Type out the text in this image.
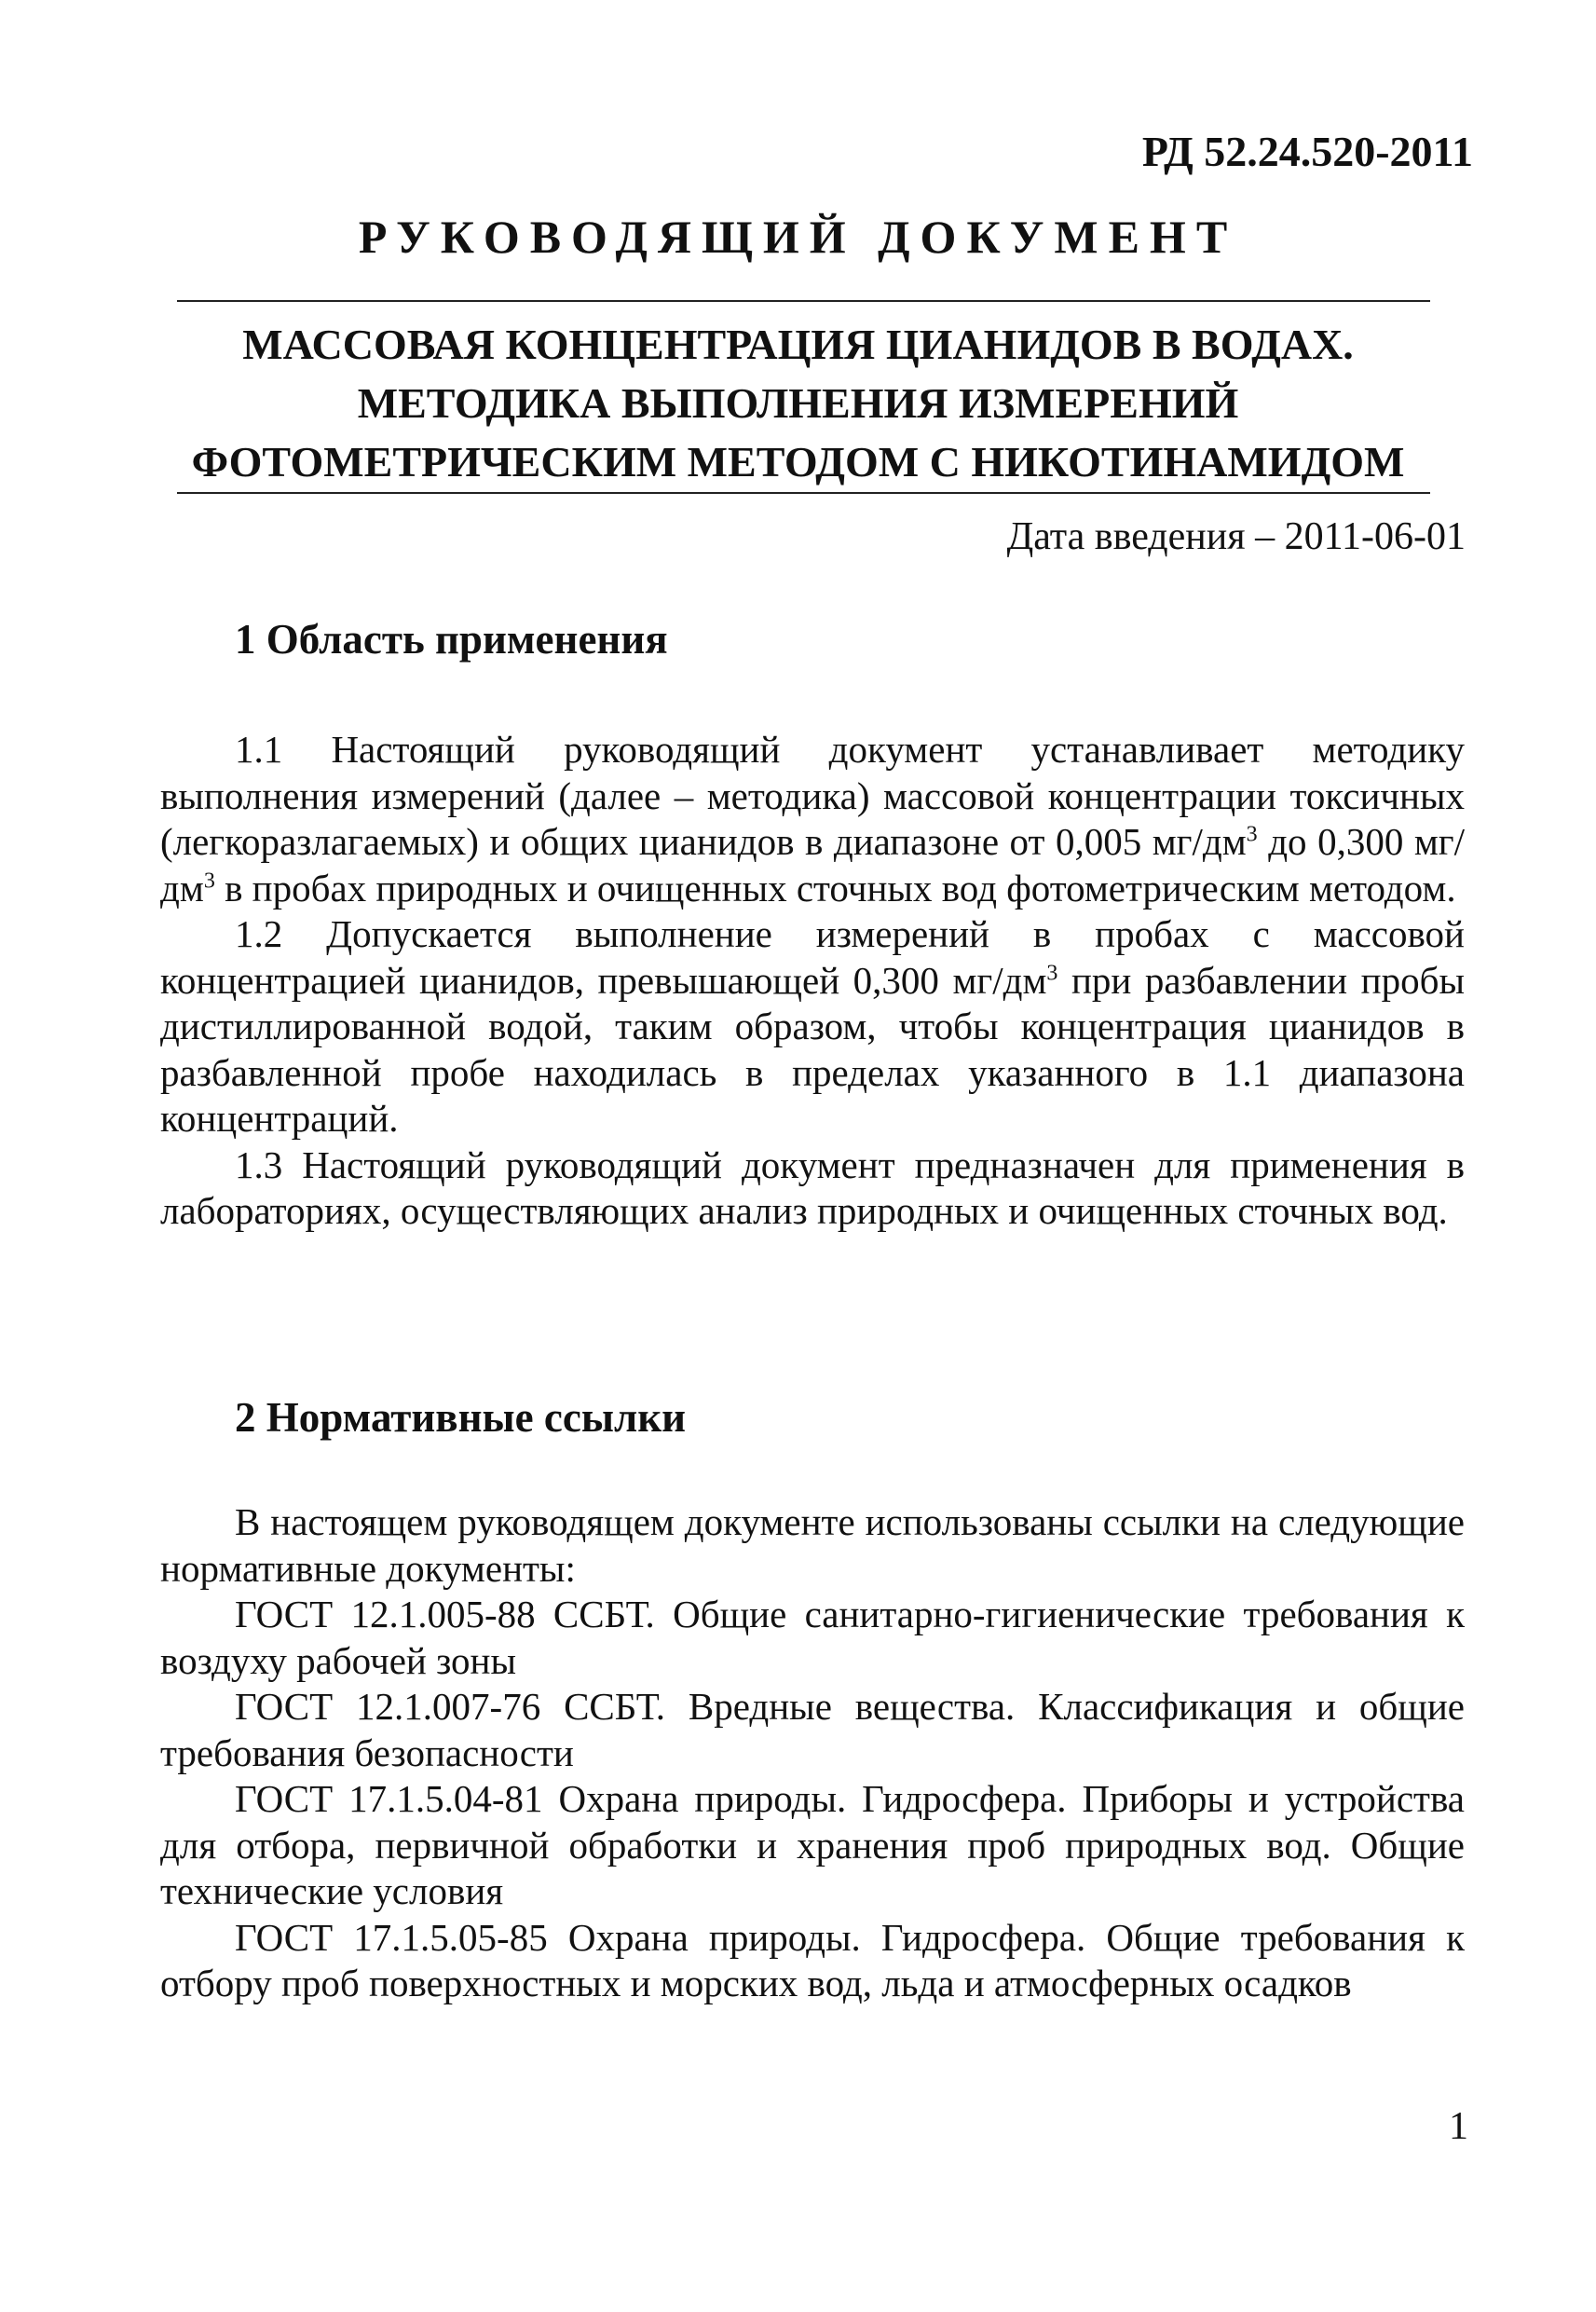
РД 52.24.520-2011
РУКОВОДЯЩИЙ ДОКУМЕНТ
МАССОВАЯ КОНЦЕНТРАЦИЯ ЦИАНИДОВ В ВОДАХ.
МЕТОДИКА ВЫПОЛНЕНИЯ ИЗМЕРЕНИЙ
ФОТОМЕТРИЧЕСКИМ МЕТОДОМ С НИКОТИНАМИДОМ
Дата введения – 2011-06-01
1 Область применения

1.1 Настоящий руководящий документ устанавливает методику выполнения измерений (далее – методика) массовой концентрации токсичных (легкоразлагаемых) и общих цианидов в диапазоне от 0,005 $мг/дм^3$ до 0,300 $мг/дм^3$ в пробах природных и очищенных сточных вод фотометрическим методом.

1.2 Допускается выполнение измерений в пробах с массовой концентрацией цианидов, превышающей 0,300 $мг/дм^3$ при разбавлении пробы дистиллированной водой, таким образом, чтобы концентрация цианидов в разбавленной пробе находилась в пределах указанного в 1.1 диапазона концентраций.

1.3 Настоящий руководящий документ предназначен для применения в лабораториях, осуществляющих анализ природных и очищенных сточных вод.

2 Нормативные ссылки

В настоящем руководящем документе использованы ссылки на следующие нормативные документы:

ГОСТ 12.1.005-88 ССБТ. Общие санитарно-гигиенические требования к воздуху рабочей зоны

ГОСТ 12.1.007-76 ССБТ. Вредные вещества. Классификация и общие требования безопасности

ГОСТ 17.1.5.04-81 Охрана природы. Гидросфера. Приборы и устройства для отбора, первичной обработки и хранения проб природных вод. Общие технические условия

ГОСТ 17.1.5.05-85 Охрана природы. Гидросфера. Общие требования к отбору проб поверхностных и морских вод, льда и атмосферных осадков

1
